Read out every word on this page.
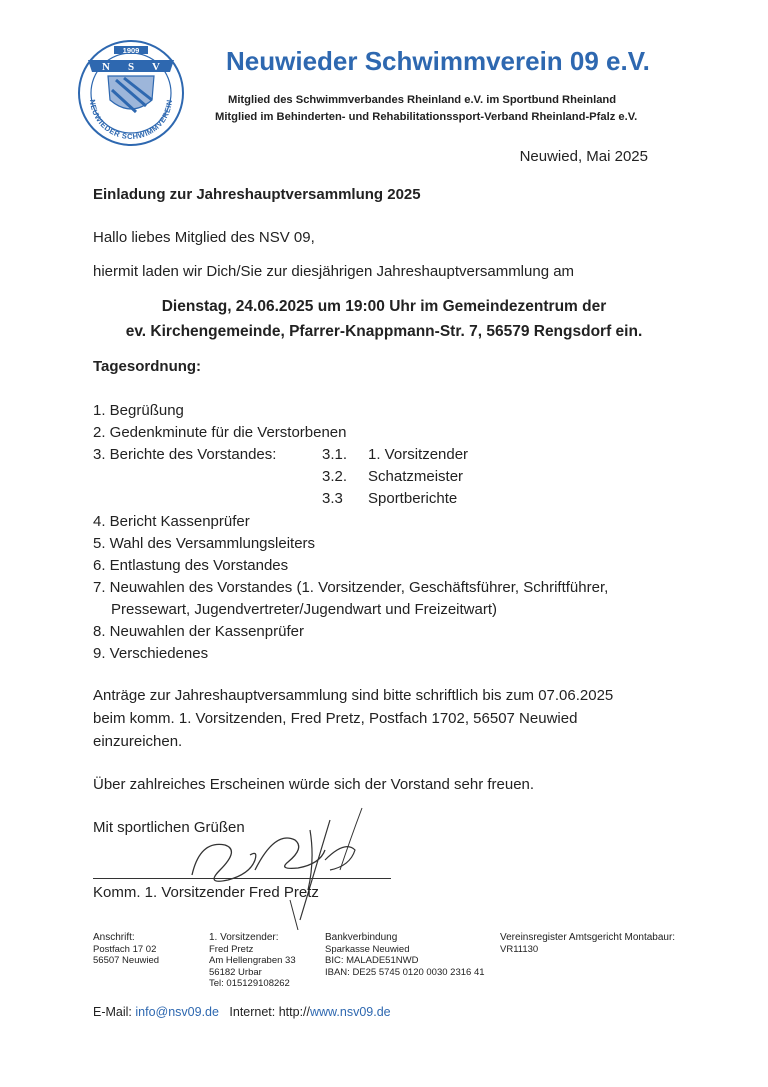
1909
N S V
NEUWIEDER SCHWIMMVEREIN
Neuwieder Schwimmverein 09 e.V.
Mitglied des Schwimmverbandes Rheinland e.V. im Sportbund Rheinland
Mitglied im Behinderten- und Rehabilitationssport-Verband Rheinland-Pfalz e.V.
Neuwied, Mai 2025
Einladung zur Jahreshauptversammlung 2025
Hallo liebes Mitglied des NSV 09,
hiermit laden wir Dich/Sie zur diesjährigen Jahreshauptversammlung am
Dienstag, 24.06.2025 um 19:00 Uhr im Gemeindezentrum der
ev. Kirchengemeinde, Pfarrer-Knappmann-Str. 7, 56579 Rengsdorf ein.
Tagesordnung:
1. Begrüßung
2. Gedenkminute für die Verstorbenen
3. Berichte des Vorstandes:	3.1. 1. Vorsitzender
3.2. Schatzmeister
3.3 Sportberichte
4. Bericht Kassenprüfer
5. Wahl des Versammlungsleiters
6. Entlastung des Vorstandes
7. Neuwahlen des Vorstandes (1. Vorsitzender, Geschäftsführer, Schriftführer,
Pressewart, Jugendvertreter/Jugendwart und Freizeitwart)
8. Neuwahlen der Kassenprüfer
9. Verschiedenes
Anträge zur Jahreshauptversammlung sind bitte schriftlich bis zum 07.06.2025
beim komm. 1. Vorsitzenden, Fred Pretz, Postfach 1702, 56507 Neuwied
einzureichen.
Über zahlreiches Erscheinen würde sich der Vorstand sehr freuen.
Mit sportlichen Grüßen
Komm. 1. Vorsitzender Fred Pretz
Anschrift:
Postfach 17 02
56507 Neuwied
1. Vorsitzender:
Fred Pretz
Am Hellengraben 33
56182 Urbar
Tel: 015129108262
Bankverbindung
Sparkasse Neuwied
BIC: MALADE51NWD
IBAN: DE25 5745 0120 0030 2316 41
Vereinsregister Amtsgericht Montabaur:
VR11130
E-Mail: info@nsv09.de Internet: http://www.nsv09.de
